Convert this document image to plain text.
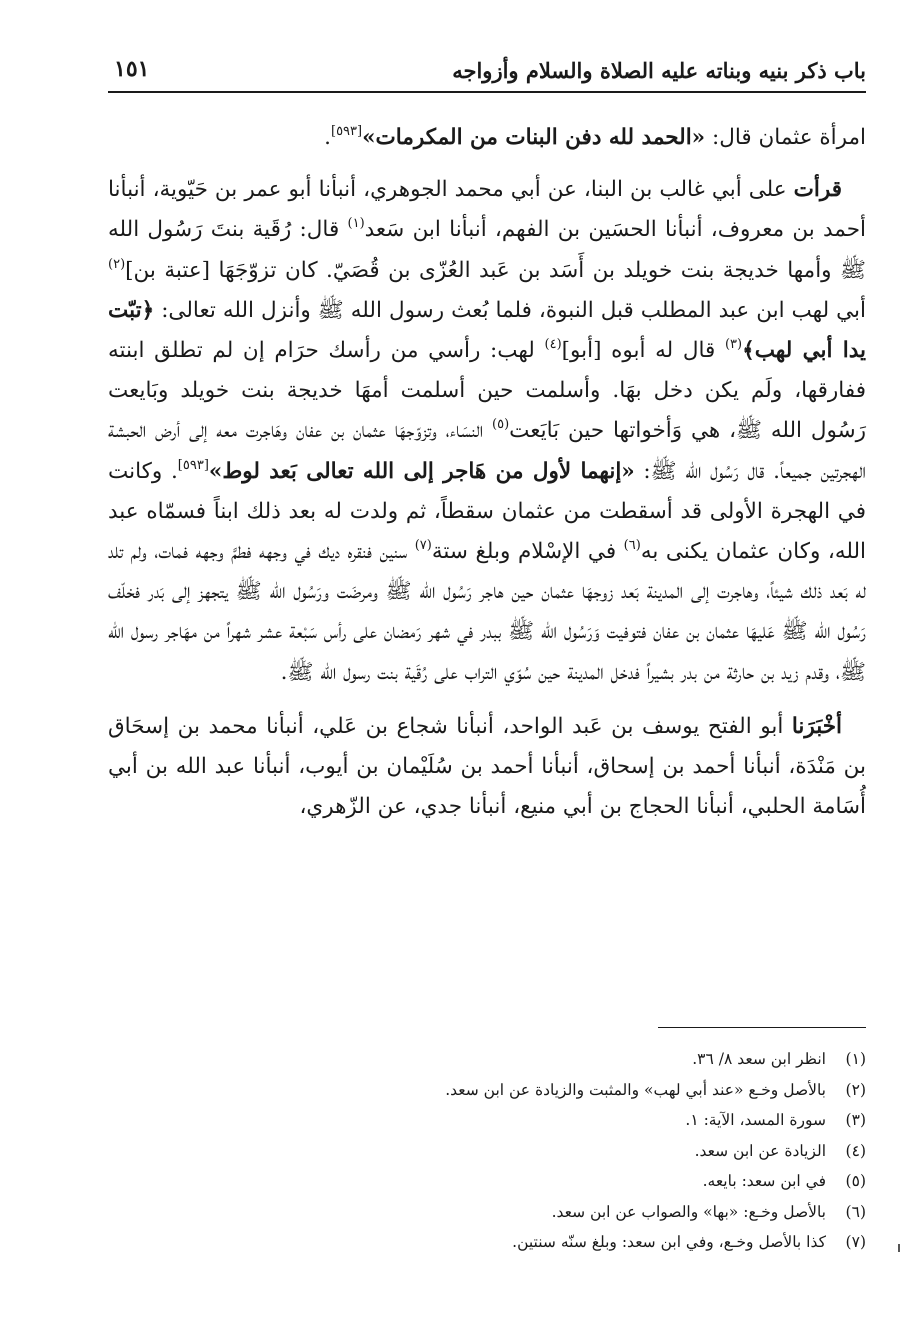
باب ذكر بنيه وبناته عليه الصلاة والسلام وأزواجه
١٥١

امرأة عثمان قال: «الحمد لله دفن البنات من المكرمات»[٥٩٣].

قرأت على أبي غالب بن البنا، عن أبي محمد الجوهري، أنبأنا أبو عمر بن حَيّوية، أنبأنا أحمد بن معروف، أنبأنا الحسَين بن الفهم، أنبأنا ابن سَعد$^{(١)}$ قال: رُقَية بنتَ رَسُول الله ﷺ وأمها خديجة بنت خويلد بن أَسَد بن عَبد العُزّى بن قُصَيّ. كان تزوّجَهَا [عتبة بن]$^{(٢)}$ أبي لهب ابن عبد المطلب قبل النبوة، فلما بُعث رسول الله ﷺ وأنزل الله تعالى: ﴿تبّت يدا أبي لهب﴾$^{(٣)}$ قال له أبوه [أبو]$^{(٤)}$ لهب: رأسي من رأسك حرَام إن لم تطلق ابنته ففارقها، ولَم يكن دخل بهَا. وأسلمت حين أسلمت أمهَا خديجة بنت خويلد وبَايعت رَسُول الله ﷺ، هي وَأخواتها حين بَايَعت$^{(٥)}$ النسَاء، وتزوّجهَا عثمان بن عفان وهَاجرت معه إلى أرض الحبشة الهجرتين جميعاً. قال رَسُول الله ﷺ: «إنهما لأول من هَاجر إلى الله تعالى بَعد لوط»[٥٩٣]. وكانت في الهجرة الأولى قد أسقطت من عثمان سقطاً، ثم ولدت له بعد ذلك ابناً فسمّاه عبد الله، وكان عثمان يكنى به$^{(٦)}$ في الإسْلام وبلغ ستة$^{(٧)}$ سنين فنقره ديك في وجهه فطمَّ وجهه فمات، ولم تلد له بَعد ذلك شيئاً، وهاجرت إلى المدينة بَعد زوجهَا عثمان حين هاجر رَسُول الله ﷺ ومرضَت ورَسُول الله ﷺ يتجهز إلى بَدر فخلّف رَسُول الله ﷺ عَليهَا عثمان بن عفان فتوفيت وَرَسُول الله ﷺ ببدر في شهر رَمضان على رأس سَبْعة عشر شهراً من مهَاجر رسول الله ﷺ، وقدم زيد بن حارثة من بدر بشيراً فدخل المدينة حين سُوّي التراب على رُقَية بنت رسول الله ﷺ.

أخْبَرَنا أبو الفتح يوسف بن عَبد الواحد، أنبأنا شجاع بن عَلي، أنبأنا محمد بن إسحَاق بن مَنْدَة، أنبأنا أحمد بن إسحاق، أنبأنا أحمد بن سُلَيْمان بن أيوب، أنبأنا عبد الله بن أبي أُسَامة الحلبي، أنبأنا الحجاج بن أبي منيع، أنبأنا جدي، عن الزّهري،

(١)
انظر ابن سعد ٨/ ٣٦.
(٢)
بالأصل وخـع «عند أبي لهب» والمثبت والزيادة عن ابن سعد.
(٣)
سورة المسد، الآية: ١.
(٤)
الزيادة عن ابن سعد.
(٥)
في ابن سعد: بايعه.
(٦)
بالأصل وخـع: «بها» والصواب عن ابن سعد.
(٧)
كذا بالأصل وخـع، وفي ابن سعد: وبلغ سنّه سنتين.
